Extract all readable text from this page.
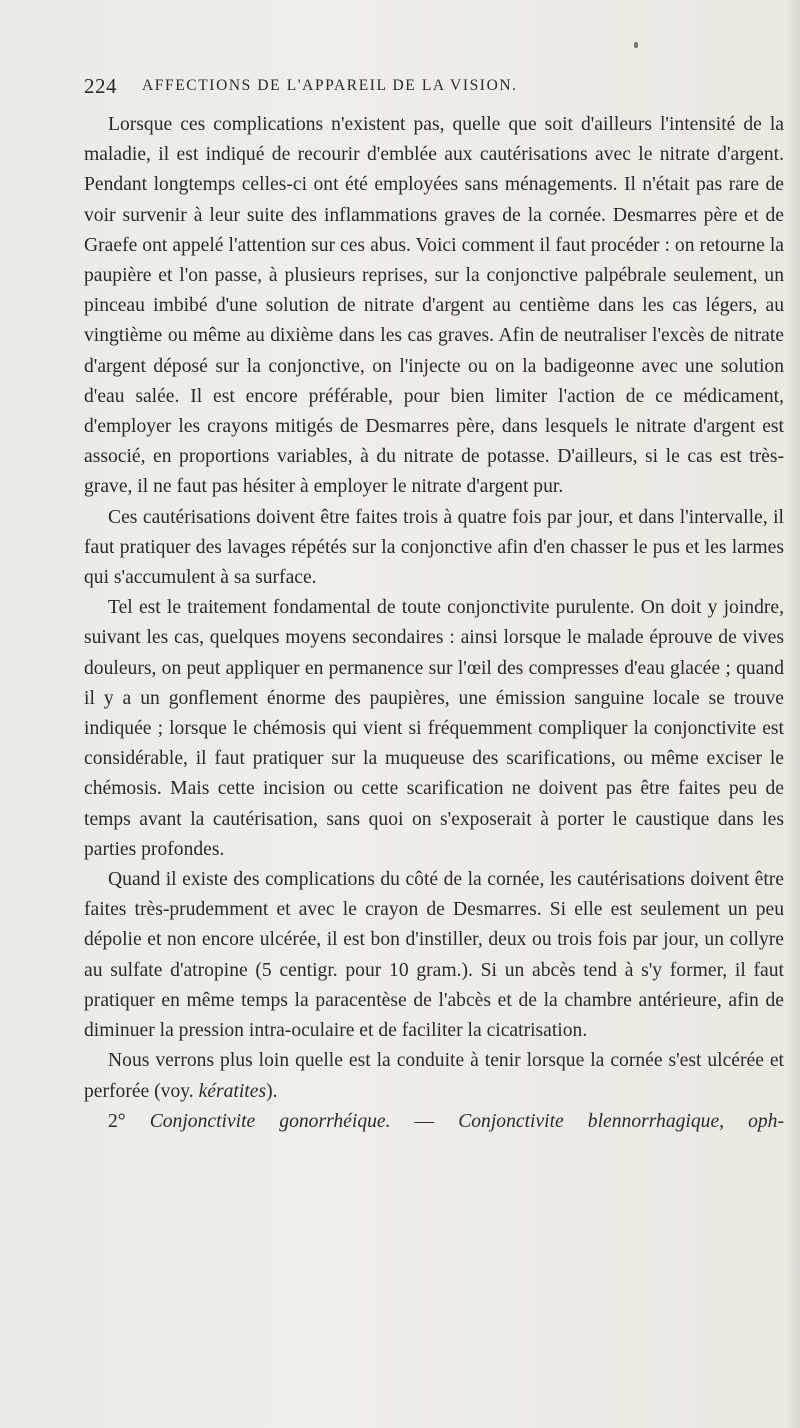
224 AFFECTIONS DE L'APPAREIL DE LA VISION.

Lorsque ces complications n'existent pas, quelle que soit d'ailleurs l'intensité de la maladie, il est indiqué de recourir d'emblée aux cautérisations avec le nitrate d'argent. Pendant longtemps celles-ci ont été employées sans ménagements. Il n'était pas rare de voir survenir à leur suite des inflammations graves de la cornée. Desmarres père et de Graefe ont appelé l'attention sur ces abus. Voici comment il faut procéder : on retourne la paupière et l'on passe, à plusieurs reprises, sur la conjonctive palpébrale seulement, un pinceau imbibé d'une solution de nitrate d'argent au centième dans les cas légers, au vingtième ou même au dixième dans les cas graves. Afin de neutraliser l'excès de nitrate d'argent déposé sur la conjonctive, on l'injecte ou on la badigeonne avec une solution d'eau salée. Il est encore préférable, pour bien limiter l'action de ce médicament, d'employer les crayons mitigés de Desmarres père, dans lesquels le nitrate d'argent est associé, en proportions variables, à du nitrate de potasse. D'ailleurs, si le cas est très-grave, il ne faut pas hésiter à employer le nitrate d'argent pur.

Ces cautérisations doivent être faites trois à quatre fois par jour, et dans l'intervalle, il faut pratiquer des lavages répétés sur la conjonctive afin d'en chasser le pus et les larmes qui s'accumulent à sa surface.

Tel est le traitement fondamental de toute conjonctivite purulente. On doit y joindre, suivant les cas, quelques moyens secondaires : ainsi lorsque le malade éprouve de vives douleurs, on peut appliquer en permanence sur l'œil des compresses d'eau glacée ; quand il y a un gonflement énorme des paupières, une émission sanguine locale se trouve indiquée ; lorsque le chémosis qui vient si fréquemment compliquer la conjonctivite est considérable, il faut pratiquer sur la muqueuse des scarifications, ou même exciser le chémosis. Mais cette incision ou cette scarification ne doivent pas être faites peu de temps avant la cautérisation, sans quoi on s'exposerait à porter le caustique dans les parties profondes.

Quand il existe des complications du côté de la cornée, les cautérisations doivent être faites très-prudemment et avec le crayon de Desmarres. Si elle est seulement un peu dépolie et non encore ulcérée, il est bon d'instiller, deux ou trois fois par jour, un collyre au sulfate d'atropine (5 centigr. pour 10 gram.). Si un abcès tend à s'y former, il faut pratiquer en même temps la paracentèse de l'abcès et de la chambre antérieure, afin de diminuer la pression intra-oculaire et de faciliter la cicatrisation.

Nous verrons plus loin quelle est la conduite à tenir lorsque la cornée s'est ulcérée et perforée (voy. kératites).

2° Conjonctivite gonorrhéique. — Conjonctivite blennorrhagique, oph-
